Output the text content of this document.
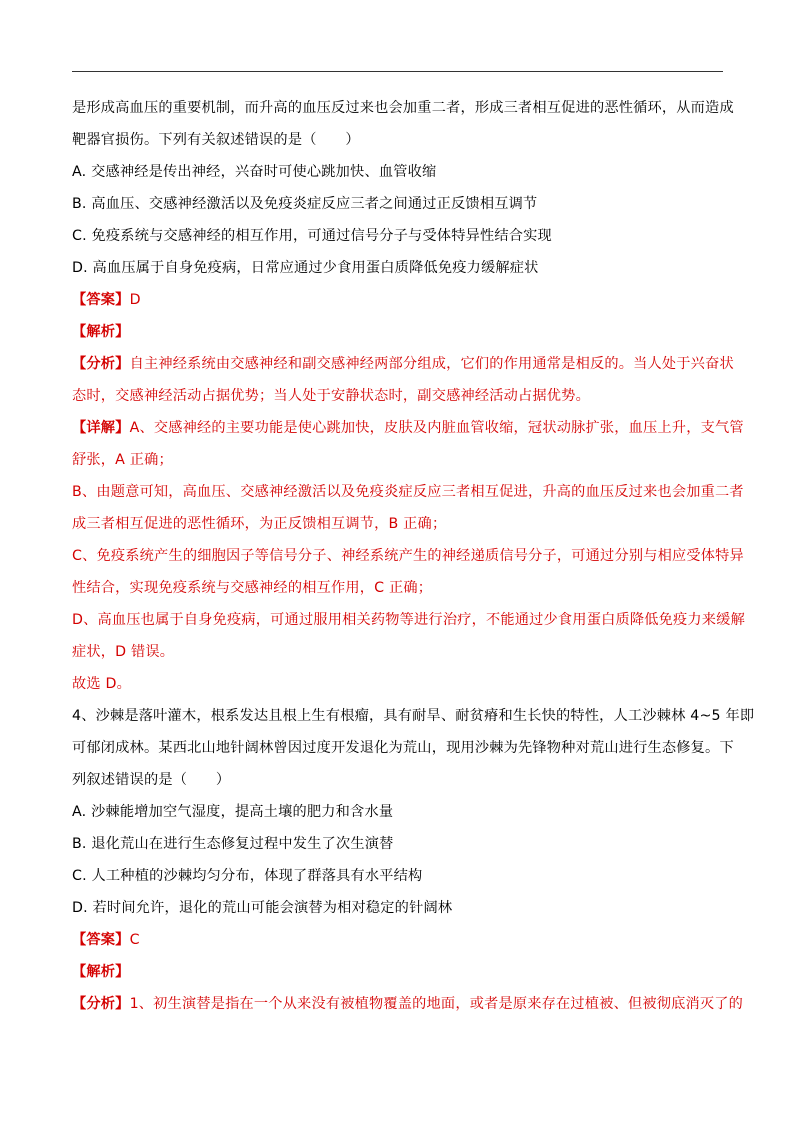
是形成高血压的重要机制，而升高的血压反过来也会加重二者，形成三者相互促进的恶性循环，从而造成
靶器官损伤。下列有关叙述错误的是（　　）
A. 交感神经是传出神经，兴奋时可使心跳加快、血管收缩
B. 高血压、交感神经激活以及免疫炎症反应三者之间通过正反馈相互调节
C. 免疫系统与交感神经的相互作用，可通过信号分子与受体特异性结合实现
D. 高血压属于自身免疫病，日常应通过少食用蛋白质降低免疫力缓解症状
【答案】D
【解析】
【分析】自主神经系统由交感神经和副交感神经两部分组成，它们的作用通常是相反的。当人处于兴奋状
态时，交感神经活动占据优势；当人处于安静状态时，副交感神经活动占据优势。
【详解】A、交感神经的主要功能是使心跳加快，皮肤及内脏血管收缩，冠状动脉扩张，血压上升，支气管
舒张，A 正确；
B、由题意可知，高血压、交感神经激活以及免疫炎症反应三者相互促进，升高的血压反过来也会加重二者
成三者相互促进的恶性循环，为正反馈相互调节，B 正确；
C、免疫系统产生的细胞因子等信号分子、神经系统产生的神经递质信号分子，可通过分别与相应受体特异
性结合，实现免疫系统与交感神经的相互作用，C 正确；
D、高血压也属于自身免疫病，可通过服用相关药物等进行治疗，不能通过少食用蛋白质降低免疫力来缓解
症状，D 错误。
故选 D。
4、沙棘是落叶灌木，根系发达且根上生有根瘤，具有耐旱、耐贫瘠和生长快的特性，人工沙棘林 4~5 年即
可郁闭成林。某西北山地针阔林曾因过度开发退化为荒山，现用沙棘为先锋物种对荒山进行生态修复。下
列叙述错误的是（　　）
A. 沙棘能增加空气湿度，提高土壤的肥力和含水量
B. 退化荒山在进行生态修复过程中发生了次生演替
C. 人工种植的沙棘均匀分布，体现了群落具有水平结构
D. 若时间允许，退化的荒山可能会演替为相对稳定的针阔林
【答案】C
【解析】
【分析】1、初生演替是指在一个从来没有被植物覆盖的地面，或者是原来存在过植被、但被彻底消灭了的
